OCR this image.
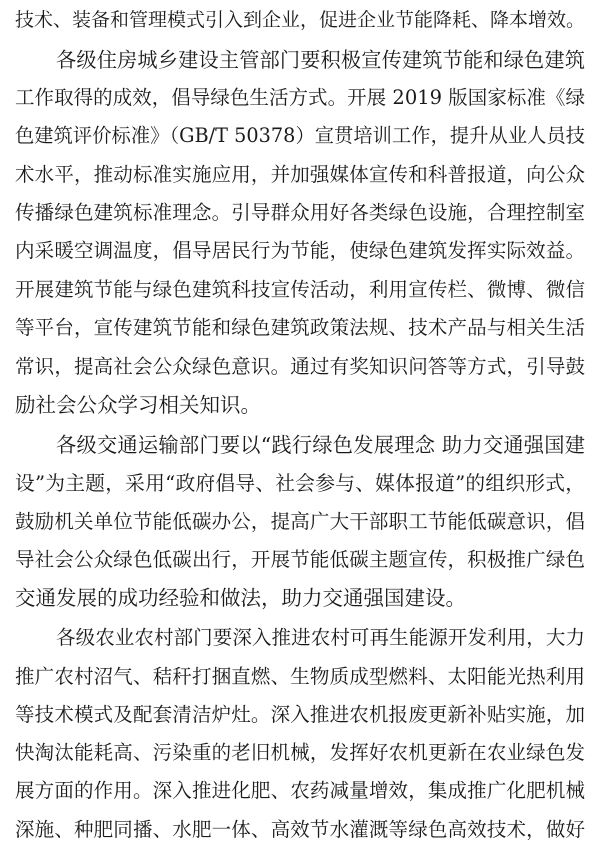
技术、装备和管理模式引入到企业，促进企业节能降耗、降本增效。
各级住房城乡建设主管部门要积极宣传建筑节能和绿色建筑
工作取得的成效，倡导绿色生活方式。开展 2019 版国家标准《绿
色建筑评价标准》（GB/T 50378）宣贯培训工作，提升从业人员技
术水平，推动标准实施应用，并加强媒体宣传和科普报道，向公众
传播绿色建筑标准理念。引导群众用好各类绿色设施，合理控制室
内采暖空调温度，倡导居民行为节能，使绿色建筑发挥实际效益。
开展建筑节能与绿色建筑科技宣传活动，利用宣传栏、微博、微信
等平台，宣传建筑节能和绿色建筑政策法规、技术产品与相关生活
常识，提高社会公众绿色意识。通过有奖知识问答等方式，引导鼓
励社会公众学习相关知识。
各级交通运输部门要以“践行绿色发展理念 助力交通强国建
设”为主题，采用“政府倡导、社会参与、媒体报道”的组织形式，
鼓励机关单位节能低碳办公，提高广大干部职工节能低碳意识，倡
导社会公众绿色低碳出行，开展节能低碳主题宣传，积极推广绿色
交通发展的成功经验和做法，助力交通强国建设。
各级农业农村部门要深入推进农村可再生能源开发利用，大力
推广农村沼气、秸秆打捆直燃、生物质成型燃料、太阳能光热利用
等技术模式及配套清洁炉灶。深入推进农机报废更新补贴实施，加
快淘汰能耗高、污染重的老旧机械，发挥好农机更新在农业绿色发
展方面的作用。深入推进化肥、农药减量增效，集成推广化肥机械
深施、种肥同播、水肥一体、高效节水灌溉等绿色高效技术，做好
